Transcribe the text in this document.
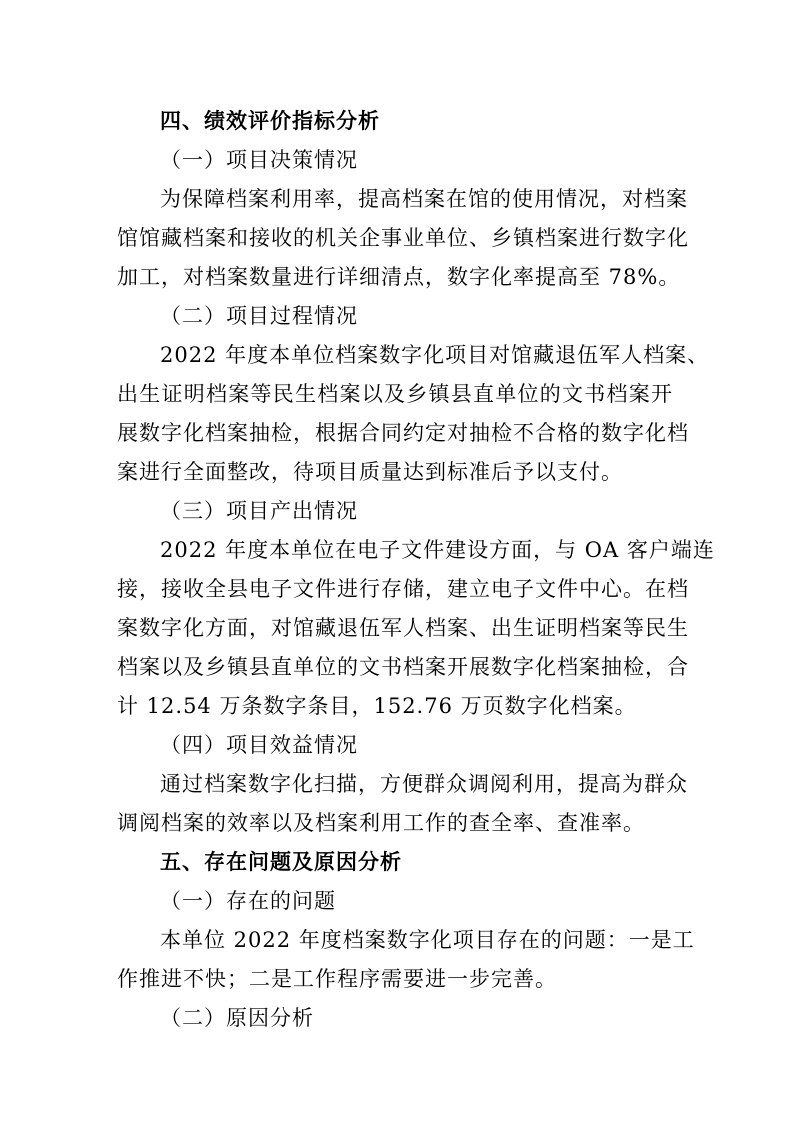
四、绩效评价指标分析
（一）项目决策情况
为保障档案利用率，提高档案在馆的使用情况，对档案
馆馆藏档案和接收的机关企事业单位、乡镇档案进行数字化
加工，对档案数量进行详细清点，数字化率提高至 78%。
（二）项目过程情况
2022 年度本单位档案数字化项目对馆藏退伍军人档案、
出生证明档案等民生档案以及乡镇县直单位的文书档案开
展数字化档案抽检，根据合同约定对抽检不合格的数字化档
案进行全面整改，待项目质量达到标准后予以支付。
（三）项目产出情况
2022 年度本单位在电子文件建设方面，与 OA 客户端连
接，接收全县电子文件进行存储，建立电子文件中心。在档
案数字化方面，对馆藏退伍军人档案、出生证明档案等民生
档案以及乡镇县直单位的文书档案开展数字化档案抽检，合
计 12.54 万条数字条目，152.76 万页数字化档案。
（四）项目效益情况
通过档案数字化扫描，方便群众调阅利用，提高为群众
调阅档案的效率以及档案利用工作的查全率、查准率。
五、存在问题及原因分析
（一）存在的问题
本单位 2022 年度档案数字化项目存在的问题：一是工
作推进不快；二是工作程序需要进一步完善。
（二）原因分析
